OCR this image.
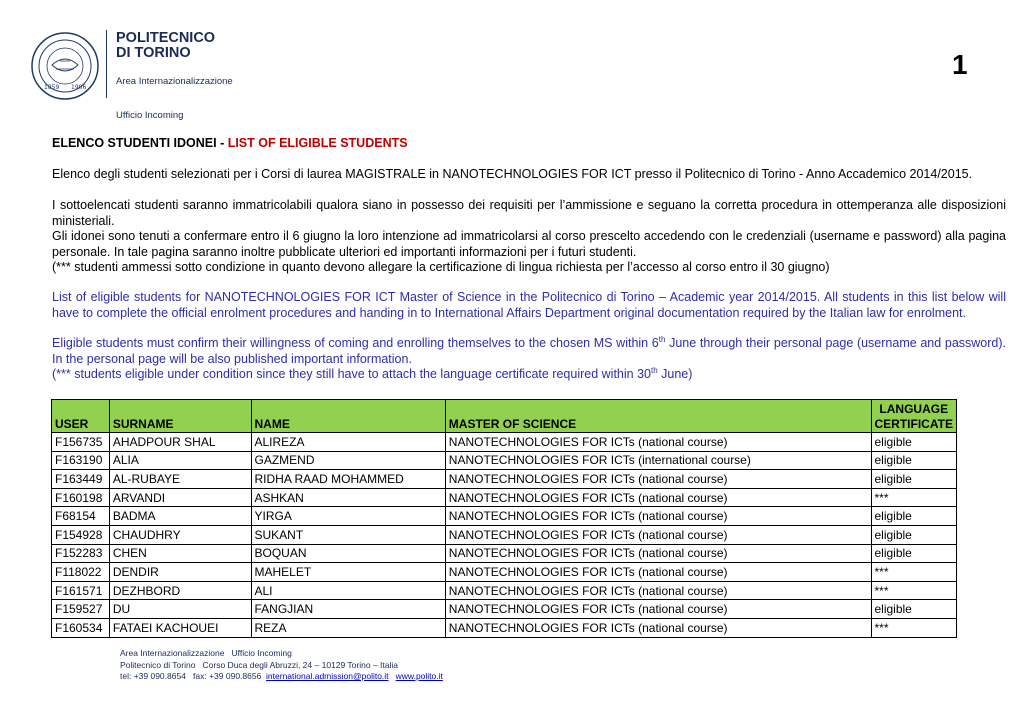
1859 1906
POLITECNICO
DI TORINO
Area Internazionalizzazione
Ufficio Incoming
1
ELENCO STUDENTI IDONEI - LIST OF ELIGIBLE STUDENTS
Elenco degli studenti selezionati per i Corsi di laurea MAGISTRALE in NANOTECHNOLOGIES FOR ICT presso il Politecnico di Torino - Anno Accademico 2014/2015.
I sottoelencati studenti saranno immatricolabili qualora siano in possesso dei requisiti per l’ammissione e seguano la corretta procedura in ottemperanza alle disposizioni ministeriali.
Gli idonei sono tenuti a confermare entro il 6 giugno la loro intenzione ad immatricolarsi al corso prescelto accedendo con le credenziali (username e password) alla pagina personale. In tale pagina saranno inoltre pubblicate ulteriori ed importanti informazioni per i futuri studenti.
(*** studenti ammessi sotto condizione in quanto devono allegare la certificazione di lingua richiesta per l’accesso al corso entro il 30 giugno)
List of eligible students for NANOTECHNOLOGIES FOR ICT Master of Science in the Politecnico di Torino – Academic year 2014/2015. All students in this list below will have to complete the official enrolment procedures and handing in to International Affairs Department original documentation required by the Italian law for enrolment.
Eligible students must confirm their willingness of coming and enrolling themselves to the chosen MS within 6th June through their personal page (username and password). In the personal page will be also published important information.
(*** students eligible under condition since they still have to attach the language certificate required within 30th June)
USER	SURNAME	NAME	MASTER OF SCIENCE	LANGUAGE
CERTIFICATE

F156735	AHADPOUR SHAL	ALIREZA	NANOTECHNOLOGIES FOR ICTs (national course)	eligible
F163190	ALIA	GAZMEND	NANOTECHNOLOGIES FOR ICTs (international course)	eligible
F163449	AL-RUBAYE	RIDHA RAAD MOHAMMED	NANOTECHNOLOGIES FOR ICTs (national course)	eligible
F160198	ARVANDI	ASHKAN	NANOTECHNOLOGIES FOR ICTs (national course)	***
F68154	BADMA	YIRGA	NANOTECHNOLOGIES FOR ICTs (national course)	eligible
F154928	CHAUDHRY	SUKANT	NANOTECHNOLOGIES FOR ICTs (national course)	eligible
F152283	CHEN	BOQUAN	NANOTECHNOLOGIES FOR ICTs (national course)	eligible
F118022	DENDIR	MAHELET	NANOTECHNOLOGIES FOR ICTs (national course)	***
F161571	DEZHBORD	ALI	NANOTECHNOLOGIES FOR ICTs (national course)	***
F159527	DU	FANGJIAN	NANOTECHNOLOGIES FOR ICTs (national course)	eligible
F160534	FATAEI KACHOUEI	REZA	NANOTECHNOLOGIES FOR ICTs (national course)	***
Area Internazionalizzazione   Ufficio Incoming
Politecnico di Torino   Corso Duca degli Abruzzi, 24 – 10129 Torino – Italia
tel: +39 090.8654   fax: +39 090.8656  international.admission@polito.it www.polito.it
